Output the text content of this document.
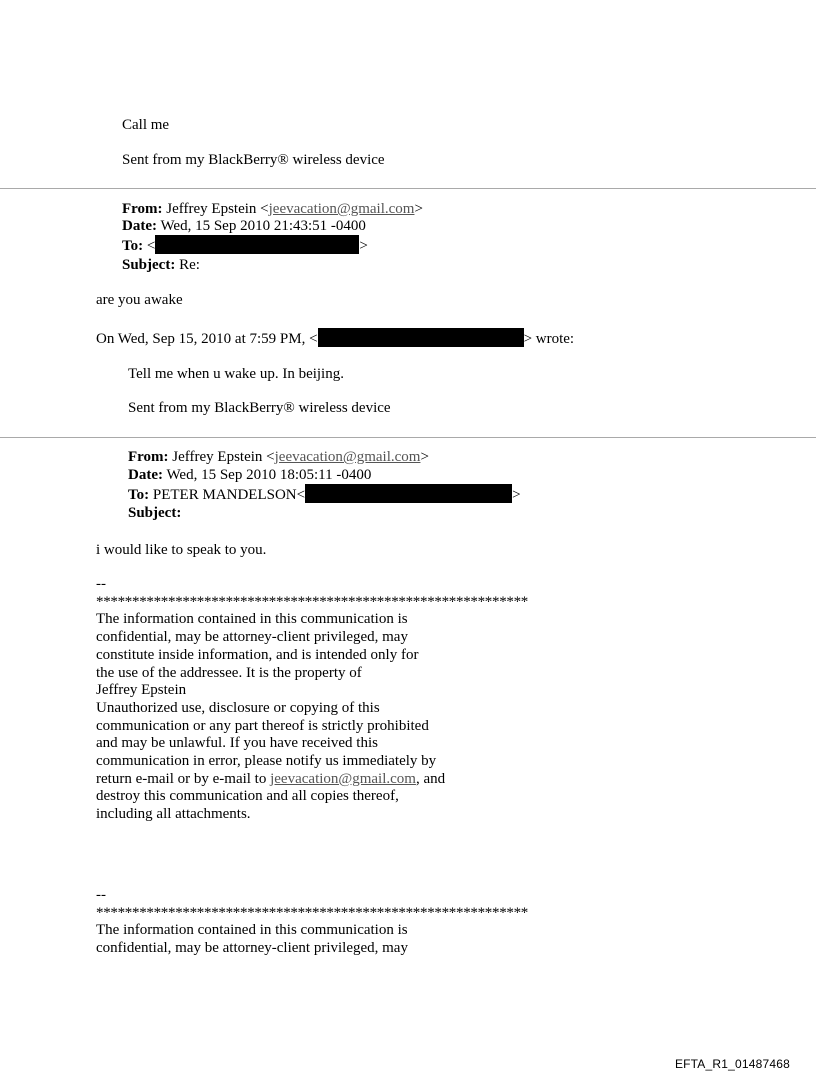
Call me
Sent from my BlackBerry® wireless device
From: Jeffrey Epstein <jeevacation@gmail.com>
Date: Wed, 15 Sep 2010 21:43:51 -0400
To: <	>
Subject: Re:
are you awake
On Wed, Sep 15, 2010 at 7:59 PM, <	> wrote:
Tell me when u wake up. In beijing.
Sent from my BlackBerry® wireless device
From: Jeffrey Epstein <jeevacation@gmail.com>
Date: Wed, 15 Sep 2010 18:05:11 -0400
To: PETER MANDELSON<	>
Subject:
i would like to speak to you.
--
************************************************************
The information contained in this communication is
confidential, may be attorney-client privileged, may
constitute inside information, and is intended only for
the use of the addressee. It is the property of
Jeffrey Epstein
Unauthorized use, disclosure or copying of this
communication or any part thereof is strictly prohibited
and may be unlawful. If you have received this
communication in error, please notify us immediately by
return e-mail or by e-mail to jeevacation@gmail.com, and
destroy this communication and all copies thereof,
including all attachments.
--
************************************************************
The information contained in this communication is
confidential, may be attorney-client privileged, may
EFTA_R1_01487468
